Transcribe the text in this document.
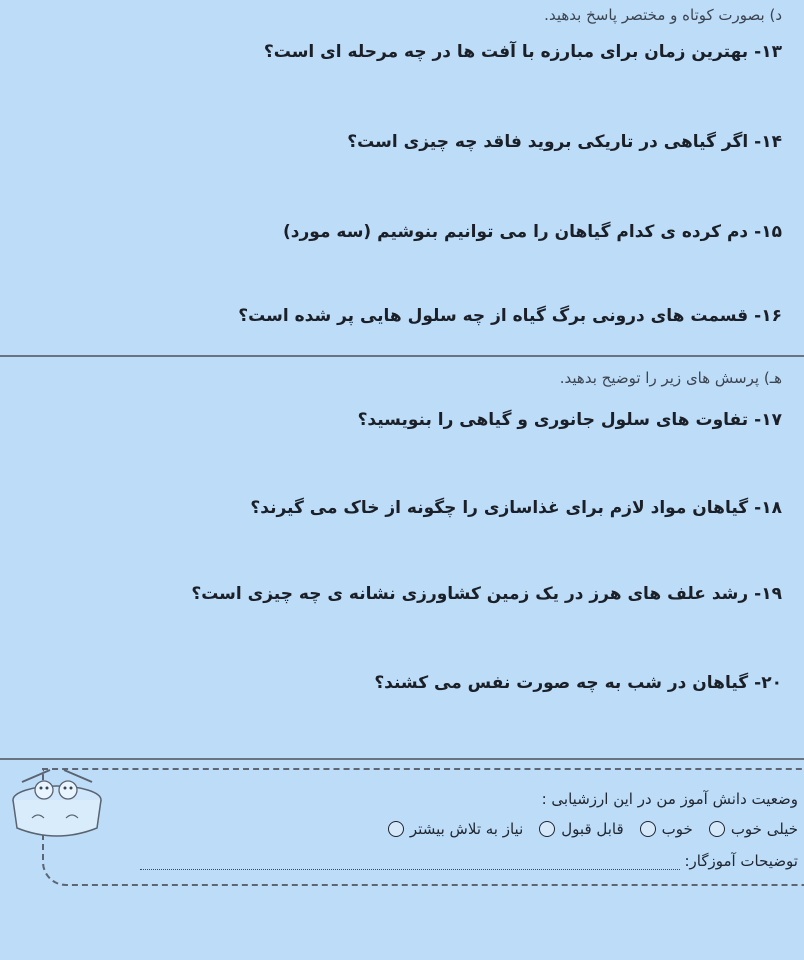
د) بصورت کوتاه و مختصر پاسخ بدهید.
۱۳-بهترین زمان برای مبارزه با آفت ها در چه مرحله ای است؟
۱۴-اگر گیاهی در تاریکی بروید فاقد چه چیزی است؟
۱۵-دم کرده ی کدام گیاهان را می توانیم بنوشیم (سه مورد)
۱۶-قسمت های درونی برگ گیاه از چه سلول هایی پر شده است؟
هـ) پرسش های زیر را توضیح بدهید.
۱۷-تفاوت های سلول جانوری و گیاهی را بنویسید؟
۱۸-گیاهان مواد لازم برای غذاسازی را چگونه از خاک می گیرند؟
۱۹-رشد علف های هرز در یک زمین کشاورزی نشانه ی چه چیزی است؟
۲۰-گیاهان در شب به چه صورت نفس می کشند؟
وضعیت دانش آموز من در این ارزشیابی :
خیلی خوب
خوب
قابل قبول
نیاز به تلاش بیشتر
توضیحات آموزگار:
